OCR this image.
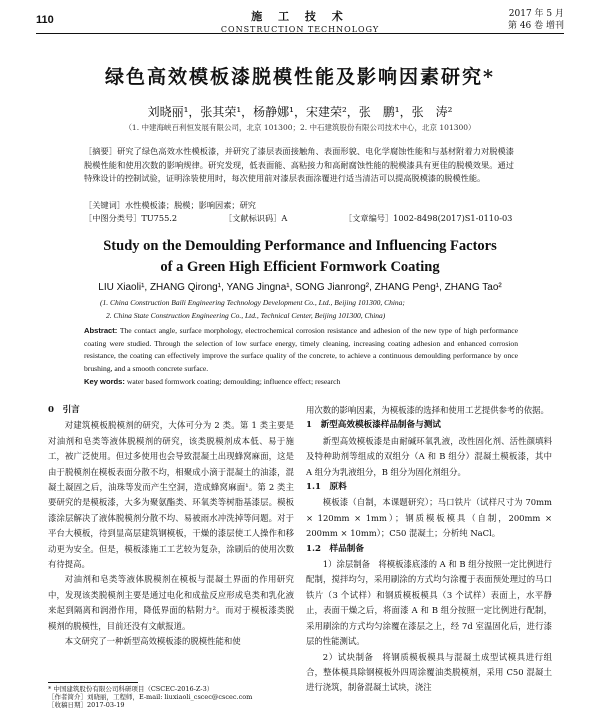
110	施 工 技 术
CONSTRUCTION TECHNOLOGY
2017 年 5 月
第 46 卷 增刊
绿色高效模板漆脱模性能及影响因素研究*
刘晓丽¹，张其荣¹，杨静娜¹，宋建荣²，张　鹏¹，张　涛²
（1. 中建海峡百利恒发展有限公司，北京 101300；2. 中石建筑股份有限公司技术中心，北京 101300）
［摘要］研究了绿色高效水性模板漆，并研究了漆层表面接触角、表面形貌、电化学腐蚀性能和与基材附着力对脱模漆脱模性能和使用次数的影响规律。研究发现，低表面能、高粘接力和高耐腐蚀性能的脱模漆具有更佳的脱模效果。通过特殊设计的控制试验，证明涂装使用时，每次使用前对漆层表面涂覆进行适当清洁可以提高脱模漆的脱模性能。
［关键词］水性模板漆；脱模；影响因素；研究
［中图分类号］TU755.2	［文献标识码］A	［文章编号］1002-8498(2017)S1-0110-03
Study on the Demoulding Performance and Influencing Factors
of a Green High Efficient Formwork Coating
LIU Xiaoli¹, ZHANG Qirong¹, YANG Jingna¹, SONG Jianrong², ZHANG Peng¹, ZHANG Tao²
(1. China Construction Baili Engineering Technology Development Co., Ltd., Beijing 101300, China;
2. China State Construction Engineering Co., Ltd., Technical Center, Beijing 101300, China)
Abstract: The contact angle, surface morphology, electrochemical corrosion resistance and adhesion of the new type of high performance coating were studied. Through the selection of low surface energy, timely cleaning, increasing coating adhesion and enhanced corrosion resistance, the coating can effectively improve the surface quality of the concrete, to achieve a continuous demoulding performance by once brushing, and a smooth concrete surface.
Key words: water based formwork coating; demoulding; influence effect; research
0　引言

对建筑模板脱模剂的研究，大体可分为 2 类。第 1 类主要是对油剂和皂类等液体脱模剂的研究，该类脱模剂成本低、易于施工，被广泛使用。但过多使用也会导致混凝土出现蜂窝麻面，这是由于脱模剂在模板表面分散不均，相聚成小滴于混凝土的油漆，混凝土凝固之后，油珠等发而产生空洞，造成蜂窝麻面¹。第 2 类主要研究的是模板漆，大多为聚氨酯类、环氧类等树脂基漆层。模板漆涂层解决了液体脱模剂分散不均、易被雨水冲洗掉等问题。对于平台大模板，待到显高层建筑钢模板，干燥的漆层使工人操作和移动更为安全。但是，模板漆施工工艺较为复杂，涂刷后的使用次数有待提高。

对油剂和皂类等液体脱模剂在模板与混凝土界面的作用研究中，发现该类脱模剂主要是通过电化和成盐反应形成皂类和乳化液来起到隔离和润滑作用，降低界面的粘附力²。而对于模板漆类脱模剂的脱模性，目前还没有文献报道。

本文研究了一种新型高效模板漆的脱模性能和使

用次数的影响因素，为模板漆的选择和使用工艺提供参考的依据。

1　新型高效模板漆样品制备与测试

新型高效模板漆是由耐碱环氧乳液，改性固化剂、活性颜填料及特种助剂等组成的双组分（A 和 B 组分）混凝土模板漆，其中 A 组分为乳液组分，B 组分为固化剂组分。

1.1　原料

模板漆（自制，本课题研究）；马口铁片（试样尺寸为 70mm × 120mm × 1mm）；钢质模板模具（自制，200mm × 200mm × 10mm）；C50 混凝土；分析纯 NaCl。

1.2　样品制备

1）涂层制备　将模板漆底漆的 A 和 B 组分按照一定比例进行配制，搅拌均匀，采用刷涂的方式均匀涂覆于表面预处理过的马口铁片（3 个试样）和钢质模板模具（3 个试样）表面上，水平静止，表面干燥之后，将面漆 A 和 B 组分按照一定比例进行配制，采用刷涂的方式均匀涂覆在漆层之上，经 7d 室温固化后，进行漆层的性能测试。

2）试块制备　将钢质模板模具与混凝土成型试模具进行组合，整体模具除钢模板外四周涂覆油类脱模剂，采用 C50 混凝土进行浇筑，制备混凝土试块，浇注

* 中国建筑股份有限公司科研项目（CSCEC-2016-Z-3）
［作者简介］刘晓丽，工程师，E-mail: liuxiaoli_cscec@cscec.com
［收稿日期］2017-03-19
